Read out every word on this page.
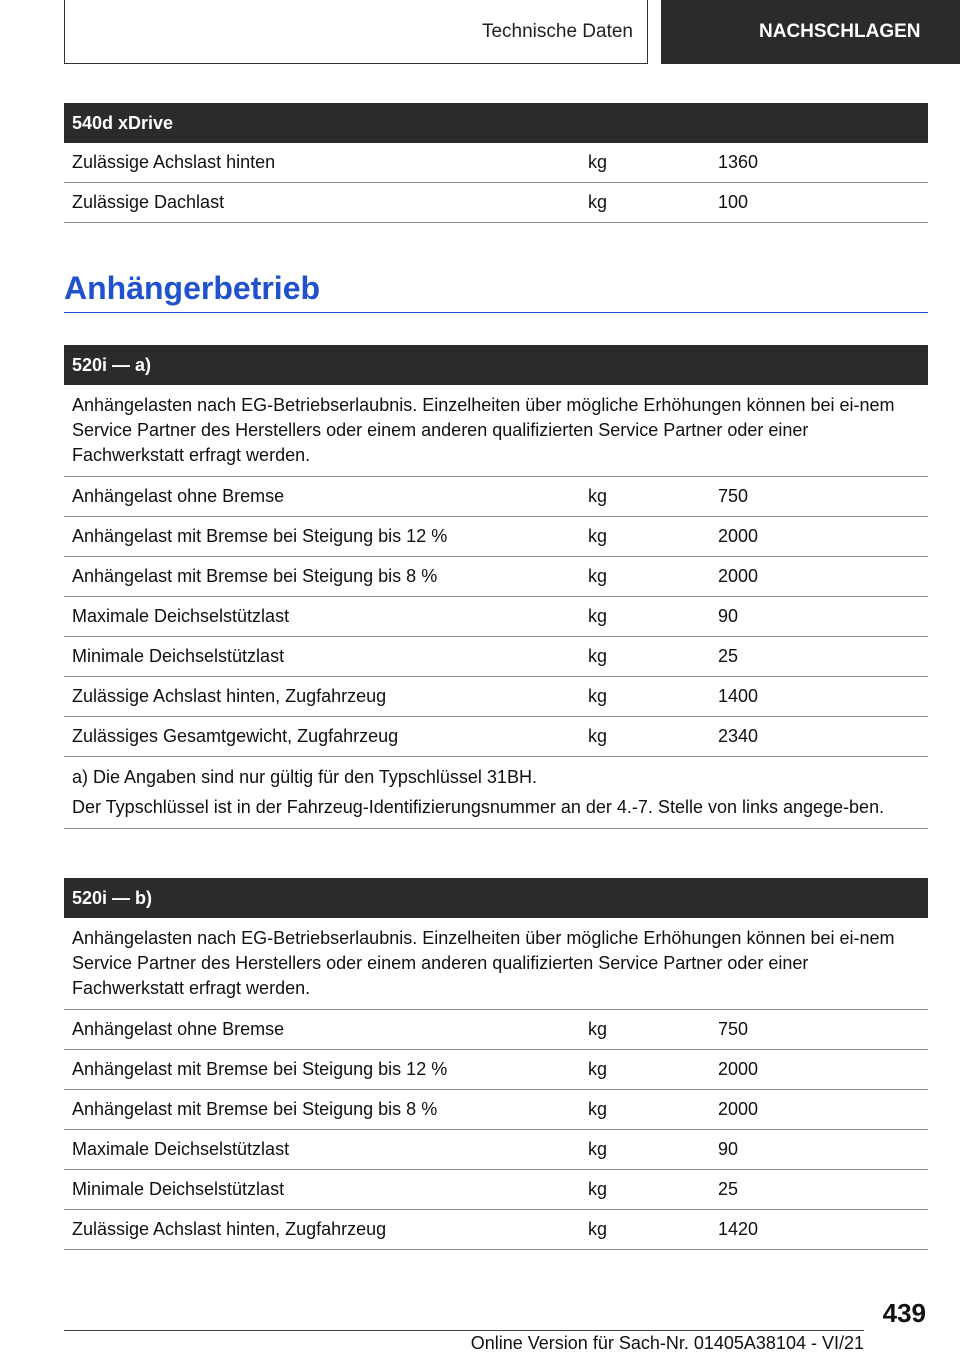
Technische Daten	NACHSCHLAGEN
540d xDrive
Zulässige Achslast hinten	kg	1360
Zulässige Dachlast	kg	100
Anhängerbetrieb
520i — a)
Anhängelasten nach EG-Betriebserlaubnis. Einzelheiten über mögliche Erhöhungen können bei ei-nem Service Partner des Herstellers oder einem anderen qualifizierten Service Partner oder einer Fachwerkstatt erfragt werden.
Anhängelast ohne Bremse	kg	750
Anhängelast mit Bremse bei Steigung bis 12 %	kg	2000
Anhängelast mit Bremse bei Steigung bis 8 %	kg	2000
Maximale Deichselstützlast	kg	90
Minimale Deichselstützlast	kg	25
Zulässige Achslast hinten, Zugfahrzeug	kg	1400
Zulässiges Gesamtgewicht, Zugfahrzeug	kg	2340

a) Die Angaben sind nur gültig für den Typschlüssel 31BH.

Der Typschlüssel ist in der Fahrzeug-Identifizierungsnummer an der 4.-7. Stelle von links angege-ben.

520i — b)
Anhängelasten nach EG-Betriebserlaubnis. Einzelheiten über mögliche Erhöhungen können bei ei-nem Service Partner des Herstellers oder einem anderen qualifizierten Service Partner oder einer Fachwerkstatt erfragt werden.
Anhängelast ohne Bremse	kg	750
Anhängelast mit Bremse bei Steigung bis 12 %	kg	2000
Anhängelast mit Bremse bei Steigung bis 8 %	kg	2000
Maximale Deichselstützlast	kg	90
Minimale Deichselstützlast	kg	25
Zulässige Achslast hinten, Zugfahrzeug	kg	1420
439
Online Version für Sach-Nr. 01405A38104 - VI/21
